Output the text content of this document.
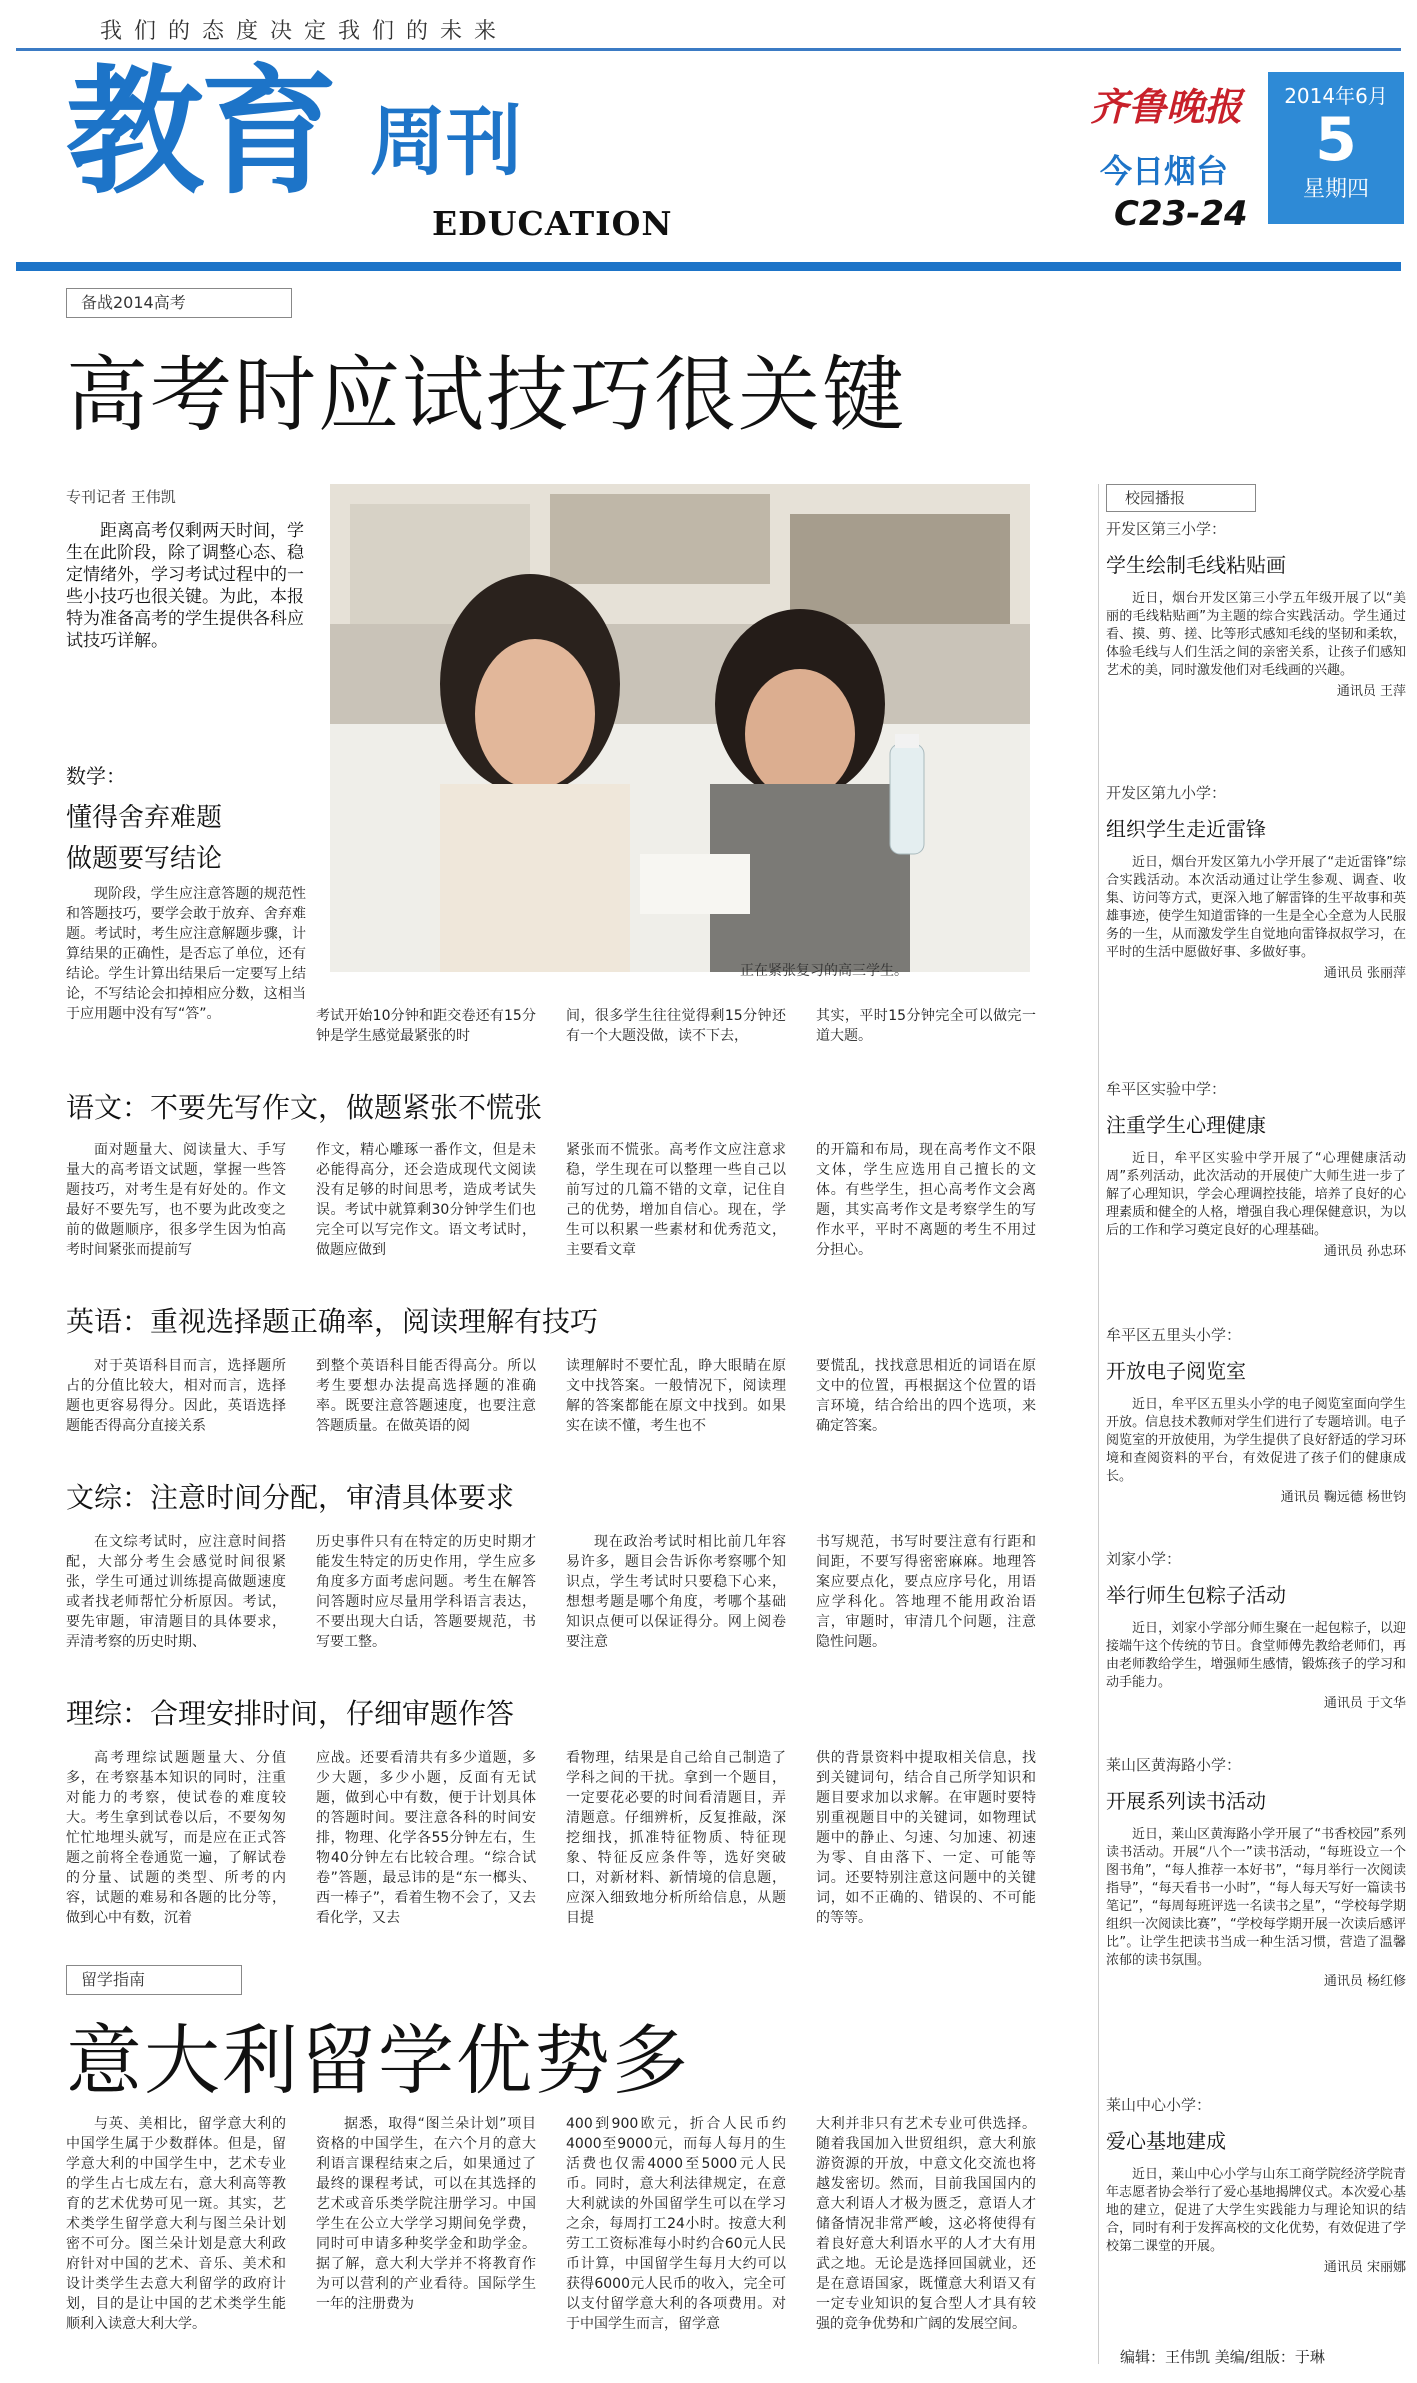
我们的态度决定我们的未来
教育 周刊
EDUCATION
齐鲁晚报
今日烟台
C23-24
2014年6月
5
星期四
备战2014高考
高考时应试技巧很关键
专刊记者 王伟凯
距离高考仅剩两天时间，学生在此阶段，除了调整心态、稳定情绪外，学习考试过程中的一些小技巧也很关键。为此，本报特为准备高考的学生提供各科应试技巧详解。
正在紧张复习的高三学生。
数学：
懂得舍弃难题
做题要写结论
现阶段，学生应注意答题的规范性和答题技巧，要学会敢于放弃、舍弃难题。考试时，考生应注意解题步骤，计算结果的正确性，是否忘了单位，还有结论。学生计算出结果后一定要写上结论，不写结论会扣掉相应分数，这相当于应用题中没有写“答”。	考试开始10分钟和距交卷还有15分钟是学生感觉最紧张的时
间，很多学生往往觉得剩15分钟还有一个大题没做，读不下去，
其实，平时15分钟完全可以做完一道大题。
语文：不要先写作文，做题紧张不慌张
面对题量大、阅读量大、手写量大的高考语文试题，掌握一些答题技巧，对考生是有好处的。作文最好不要先写，也不要为此改变之前的做题顺序，很多学生因为怕高考时间紧张而提前写
作文，精心雕琢一番作文，但是未必能得高分，还会造成现代文阅读没有足够的时间思考，造成考试失误。考试中就算剩30分钟学生们也完全可以写完作文。语文考试时，做题应做到
紧张而不慌张。高考作文应注意求稳，学生现在可以整理一些自己以前写过的几篇不错的文章，记住自己的优势，增加自信心。现在，学生可以积累一些素材和优秀范文，主要看文章
的开篇和布局，现在高考作文不限文体，学生应选用自己擅长的文体。有些学生，担心高考作文会离题，其实高考作文是考察学生的写作水平，平时不离题的考生不用过分担心。
英语：重视选择题正确率，阅读理解有技巧
对于英语科目而言，选择题所占的分值比较大，相对而言，选择题也更容易得分。因此，英语选择题能否得高分直接关系
到整个英语科目能否得高分。所以考生要想办法提高选择题的准确率。既要注意答题速度，也要注意答题质量。在做英语的阅
读理解时不要忙乱，睁大眼睛在原文中找答案。一般情况下，阅读理解的答案都能在原文中找到。如果实在读不懂，考生也不
要慌乱，找找意思相近的词语在原文中的位置，再根据这个位置的语言环境，结合给出的四个选项，来确定答案。
文综：注意时间分配，审清具体要求
在文综考试时，应注意时间搭配，大部分考生会感觉时间很紧张，学生可通过训练提高做题速度或者找老师帮忙分析原因。考试，要先审题，审清题目的具体要求，弄清考察的历史时期、
历史事件只有在特定的历史时期才能发生特定的历史作用，学生应多角度多方面考虑问题。考生在解答问答题时应尽量用学科语言表达，不要出现大白话，答题要规范，书写要工整。
现在政治考试时相比前几年容易许多，题目会告诉你考察哪个知识点，学生考试时只要稳下心来，想想考题是哪个角度，考哪个基础知识点便可以保证得分。网上阅卷要注意
书写规范，书写时要注意有行距和间距，不要写得密密麻麻。地理答案应要点化，要点应序号化，用语应学科化。答地理不能用政治语言，审题时，审清几个问题，注意隐性问题。
理综：合理安排时间，仔细审题作答
高考理综试题题量大、分值多，在考察基本知识的同时，注重对能力的考察，使试卷的难度较大。考生拿到试卷以后，不要匆匆忙忙地埋头就写，而是应在正式答题之前将全卷通览一遍，了解试卷的分量、试题的类型、所考的内容，试题的难易和各题的比分等，做到心中有数，沉着
应战。还要看清共有多少道题，多少大题，多少小题，反面有无试题，做到心中有数，便于计划具体的答题时间。要注意各科的时间安排，物理、化学各55分钟左右，生物40分钟左右比较合理。“综合试卷”答题，最忌讳的是“东一榔头、西一棒子”，看着生物不会了，又去看化学，又去
看物理，结果是自己给自己制造了学科之间的干扰。拿到一个题目，一定要花必要的时间看清题目，弄清题意。仔细辨析，反复推敲，深挖细找，抓准特征物质、特征现象、特征反应条件等，选好突破口，对新材料、新情境的信息题，应深入细致地分析所给信息，从题目提
供的背景资料中提取相关信息，找到关键词句，结合自己所学知识和题目要求加以求解。在审题时要特别重视题目中的关键词，如物理试题中的静止、匀速、匀加速、初速为零、自由落下、一定、可能等词。还要特别注意这问题中的关键词，如不正确的、错误的、不可能的等等。
留学指南
意大利留学优势多
与英、美相比，留学意大利的中国学生属于少数群体。但是，留学意大利的中国学生中，艺术专业的学生占七成左右，意大利高等教育的艺术优势可见一斑。其实，艺术类学生留学意大利与图兰朵计划密不可分。图兰朵计划是意大利政府针对中国的艺术、音乐、美术和设计类学生去意大利留学的政府计划，目的是让中国的艺术类学生能顺利入读意大利大学。
据悉，取得“图兰朵计划”项目资格的中国学生，在六个月的意大利语言课程结束之后，如果通过了最终的课程考试，可以在其选择的艺术或音乐类学院注册学习。中国学生在公立大学学习期间免学费，同时可申请多种奖学金和助学金。据了解，意大利大学并不将教育作为可以营利的产业看待。国际学生一年的注册费为
400到900欧元，折合人民币约4000至9000元，而每人每月的生活费也仅需4000至5000元人民币。同时，意大利法律规定，在意大利就读的外国留学生可以在学习之余，每周打工24小时。按意大利劳工工资标准每小时约合60元人民币计算，中国留学生每月大约可以获得6000元人民币的收入，完全可以支付留学意大利的各项费用。对于中国学生而言，留学意
大利并非只有艺术专业可供选择。随着我国加入世贸组织，意大利旅游资源的开放，中意文化交流也将越发密切。然而，目前我国国内的意大利语人才极为匮乏，意语人才储备情况非常严峻，这必将使得有着良好意大利语水平的人才大有用武之地。无论是选择回国就业，还是在意语国家，既懂意大利语又有一定专业知识的复合型人才具有较强的竞争优势和广阔的发展空间。
校园播报
开发区第三小学：
学生绘制毛线粘贴画
近日，烟台开发区第三小学五年级开展了以“美丽的毛线粘贴画”为主题的综合实践活动。学生通过看、摸、剪、搓、比等形式感知毛线的坚韧和柔软，体验毛线与人们生活之间的亲密关系，让孩子们感知艺术的美，同时激发他们对毛线画的兴趣。
通讯员 王萍
开发区第九小学：
组织学生走近雷锋
近日，烟台开发区第九小学开展了“走近雷锋”综合实践活动。本次活动通过让学生参观、调查、收集、访问等方式，更深入地了解雷锋的生平故事和英雄事迹，使学生知道雷锋的一生是全心全意为人民服务的一生，从而激发学生自觉地向雷锋叔叔学习，在平时的生活中愿做好事、多做好事。
通讯员 张丽萍
牟平区实验中学：
注重学生心理健康
近日，牟平区实验中学开展了“心理健康活动周”系列活动，此次活动的开展使广大师生进一步了解了心理知识，学会心理调控技能，培养了良好的心理素质和健全的人格，增强自我心理保健意识，为以后的工作和学习奠定良好的心理基础。
通讯员 孙忠环
牟平区五里头小学：
开放电子阅览室
近日，牟平区五里头小学的电子阅览室面向学生开放。信息技术教师对学生们进行了专题培训。电子阅览室的开放使用，为学生提供了良好舒适的学习环境和查阅资料的平台，有效促进了孩子们的健康成长。
通讯员 鞠远德 杨世钧
刘家小学：
举行师生包粽子活动
近日，刘家小学部分师生聚在一起包粽子，以迎接端午这个传统的节日。食堂师傅先教给老师们，再由老师教给学生，增强师生感情，锻炼孩子的学习和动手能力。
通讯员 于文华
莱山区黄海路小学：
开展系列读书活动
近日，莱山区黄海路小学开展了“书香校园”系列读书活动。开展“八个一”读书活动，“每班设立一个图书角”，“每人推荐一本好书”，“每月举行一次阅读指导”，“每天看书一小时”，“每人每天写好一篇读书笔记”，“每周每班评选一名读书之星”，“学校每学期组织一次阅读比赛”，“学校每学期开展一次读后感评比”。让学生把读书当成一种生活习惯，营造了温馨浓郁的读书氛围。
通讯员 杨红修
莱山中心小学：
爱心基地建成
近日，莱山中心小学与山东工商学院经济学院青年志愿者协会举行了爱心基地揭牌仪式。本次爱心基地的建立，促进了大学生实践能力与理论知识的结合，同时有利于发挥高校的文化优势，有效促进了学校第二课堂的开展。
通讯员 宋丽娜
编辑：王伟凯 美编/组版：于琳
